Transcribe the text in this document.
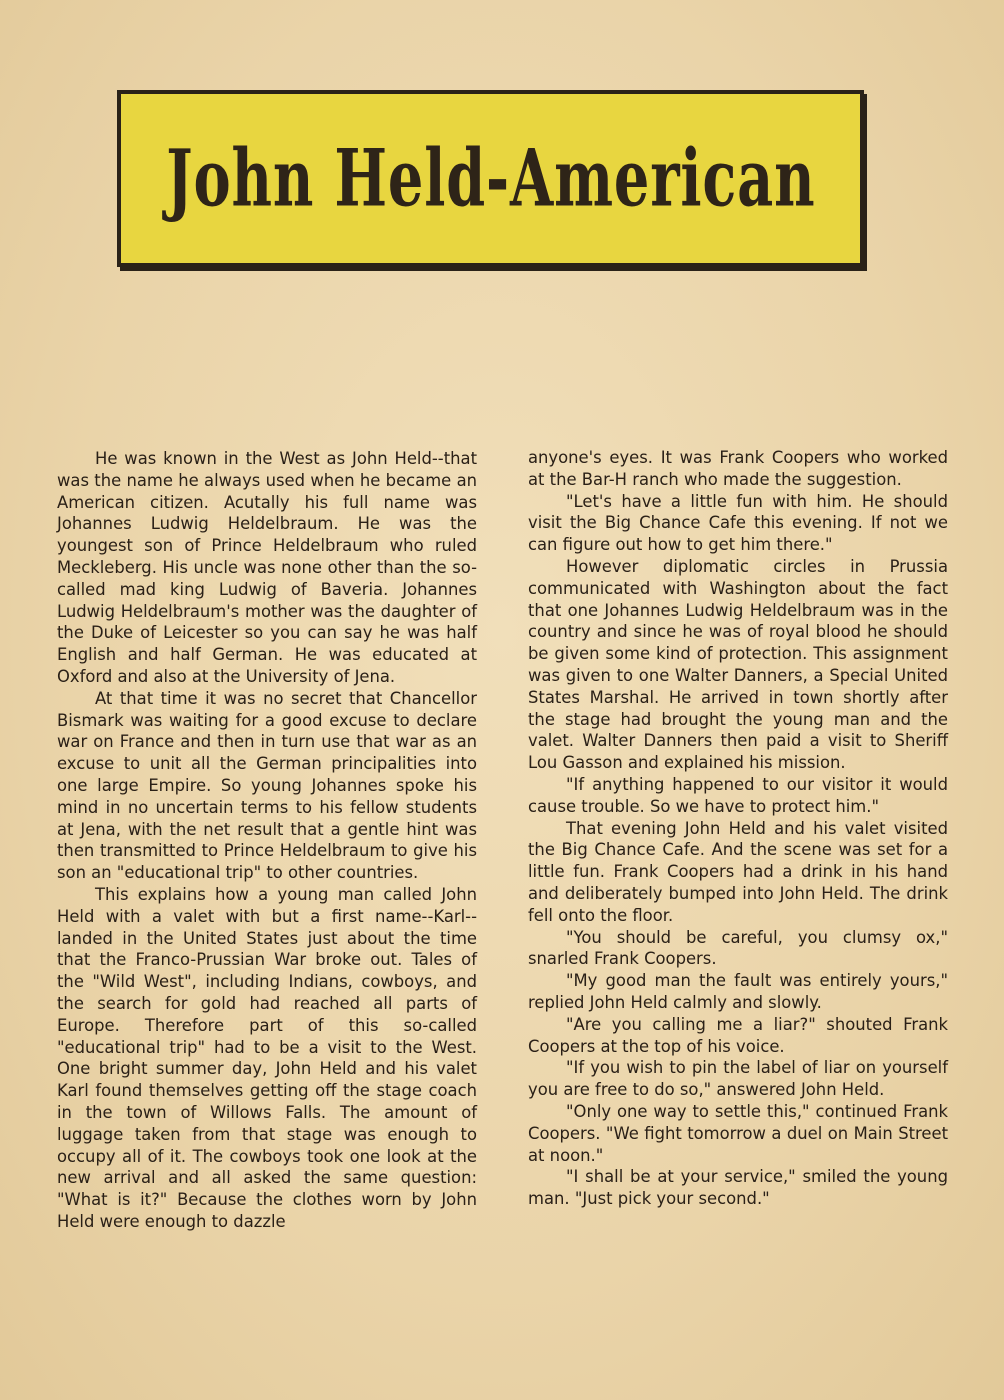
John Held-American

He was known in the West as John Held--that was the name he always used when he became an American citizen. Acutally his full name was Johannes Ludwig Heldelbraum. He was the youngest son of Prince Heldelbraum who ruled Meckleberg. His uncle was none other than the so-called mad king Ludwig of Baveria. Johannes Ludwig Heldelbraum's mother was the daughter of the Duke of Leicester so you can say he was half English and half German. He was educated at Oxford and also at the University of Jena.

At that time it was no secret that Chancellor Bismark was waiting for a good excuse to declare war on France and then in turn use that war as an excuse to unit all the German principalities into one large Empire. So young Johannes spoke his mind in no uncertain terms to his fellow students at Jena, with the net result that a gentle hint was then transmitted to Prince Heldelbraum to give his son an "educational trip" to other countries.

This explains how a young man called John Held with a valet with but a first name--Karl--landed in the United States just about the time that the Franco-Prussian War broke out. Tales of the "Wild West", including Indians, cowboys, and the search for gold had reached all parts of Europe. Therefore part of this so-called "educational trip" had to be a visit to the West. One bright summer day, John Held and his valet Karl found themselves getting off the stage coach in the town of Willows Falls. The amount of luggage taken from that stage was enough to occupy all of it. The cowboys took one look at the new arrival and all asked the same question: "What is it?" Because the clothes worn by John Held were enough to dazzle

anyone's eyes. It was Frank Coopers who worked at the Bar-H ranch who made the suggestion.

"Let's have a little fun with him. He should visit the Big Chance Cafe this evening. If not we can figure out how to get him there."

However diplomatic circles in Prussia communicated with Washington about the fact that one Johannes Ludwig Heldelbraum was in the country and since he was of royal blood he should be given some kind of protection. This assignment was given to one Walter Danners, a Special United States Marshal. He arrived in town shortly after the stage had brought the young man and the valet. Walter Danners then paid a visit to Sheriff Lou Gasson and explained his mission.

"If anything happened to our visitor it would cause trouble. So we have to protect him."

That evening John Held and his valet visited the Big Chance Cafe. And the scene was set for a little fun. Frank Coopers had a drink in his hand and deliberately bumped into John Held. The drink fell onto the floor.

"You should be careful, you clumsy ox," snarled Frank Coopers.

"My good man the fault was entirely yours," replied John Held calmly and slowly.

"Are you calling me a liar?" shouted Frank Coopers at the top of his voice.

"If you wish to pin the label of liar on yourself you are free to do so," answered John Held.

"Only one way to settle this," continued Frank Coopers. "We fight tomorrow a duel on Main Street at noon."

"I shall be at your service," smiled the young man. "Just pick your second."
